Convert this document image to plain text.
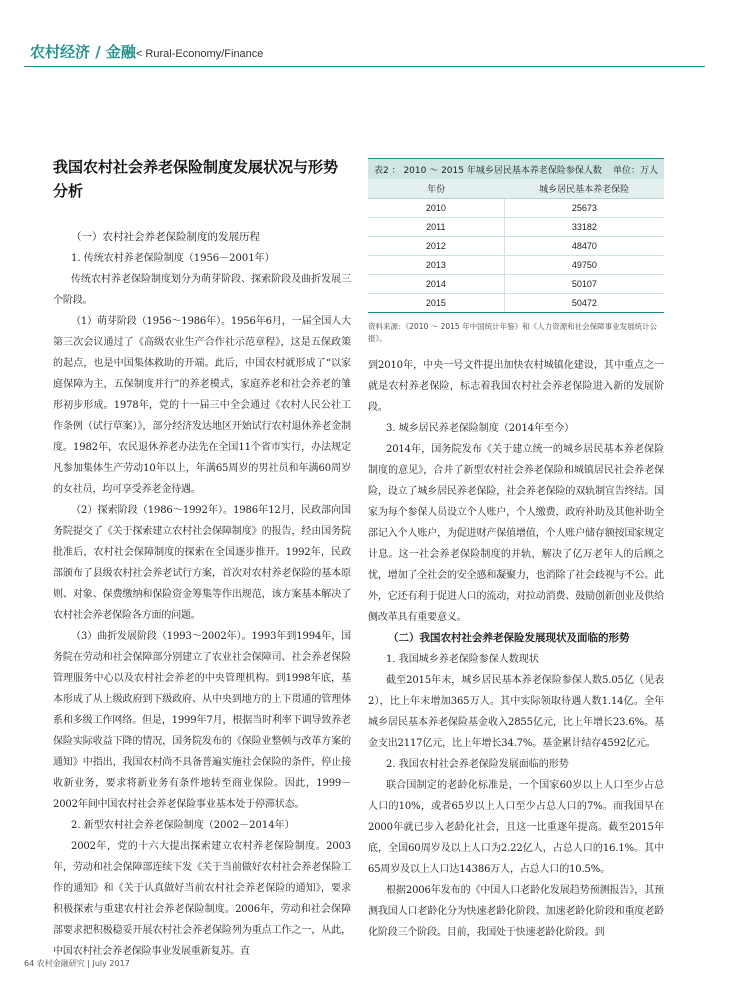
农村经济 / 金融< Rural-Economy/Finance
我国农村社会养老保险制度发展状况与形势分析
（一）农村社会养老保险制度的发展历程
1. 传统农村养老保险制度（1956－2001年）

传统农村养老保险制度划分为萌芽阶段、探索阶段及曲折发展三个阶段。

（1）萌芽阶段（1956～1986年）。1956年6月，一届全国人大第三次会议通过了《高级农业生产合作社示范章程》，这是五保政策的起点，也是中国集体救助的开端。此后，中国农村就形成了“以家庭保障为主，五保制度并行”的养老模式，家庭养老和社会养老的雏形初步形成。1978年，党的十一届三中全会通过《农村人民公社工作条例（试行草案）》，部分经济发达地区开始试行农村退休养老金制度。1982年，农民退休养老办法先在全国11个省市实行，办法规定凡参加集体生产劳动10年以上，年满65周岁的男社员和年满60周岁的女社员，均可享受养老金待遇。

（2）探索阶段（1986～1992年）。1986年12月，民政部向国务院提交了《关于探索建立农村社会保障制度》的报告，经由国务院批准后，农村社会保障制度的探索在全国逐步推开。1992年，民政部颁布了县级农村社会养老试行方案，首次对农村养老保险的基本原则、对象、保费缴纳和保险资金筹集等作出规范，该方案基本解决了农村社会养老保险各方面的问题。

（3）曲折发展阶段（1993～2002年）。1993年到1994年，国务院在劳动和社会保障部分别建立了农业社会保障司、社会养老保险管理服务中心以及农村社会养老的中央管理机构。到1998年底，基本形成了从上级政府到下级政府、从中央到地方的上下贯通的管理体系和多级工作网络。但是，1999年7月，根据当时利率下调导致养老保险实际收益下降的情况，国务院发布的《保险业整顿与改革方案的通知》中指出，我国农村尚不具备普遍实施社会保险的条件，停止接收新业务，要求将新业务有条件地转至商业保险。因此，1999－2002年间中国农村社会养老保险事业基本处于停滞状态。

2. 新型农村社会养老保险制度（2002－2014年）

2002年，党的十六大提出探索建立农村养老保险制度。2003年，劳动和社会保障部连续下发《关于当前做好农村社会养老保险工作的通知》和《关于认真做好当前农村社会养老保险的通知》，要求积极探索与重建农村社会养老保险制度。2006年，劳动和社会保障部要求把积极稳妥开展农村社会养老保险列为重点工作之一，从此，中国农村社会养老保险事业发展重新复苏。直

表2 ： 2010 ～ 2015 年城乡居民基本养老保险参保人数 单位：万人	

年份	城乡居民基本养老保险
2010	25673
2011	33182
2012	48470
2013	49750
2014	50107
2015	50472
资料来源：《2010 ～ 2015 年中国统计年鉴》和《人力资源和社会保障事业发展统计公报》。

到2010年，中央一号文件提出加快农村城镇化建设，其中重点之一就是农村养老保险，标志着我国农村社会养老保险进入新的发展阶段。

3. 城乡居民养老保险制度（2014年至今）

2014年，国务院发布《关于建立统一的城乡居民基本养老保险制度的意见》，合并了新型农村社会养老保险和城镇居民社会养老保险，设立了城乡居民养老保险，社会养老保险的双轨制宣告终结。国家为每个参保人员设立个人账户，个人缴费，政府补助及其他补助全部记入个人账户，为促进财产保值增值，个人账户储存额按国家规定计息。这一社会养老保险制度的并轨，解决了亿万老年人的后顾之忧，增加了全社会的安全感和凝聚力，也消除了社会歧视与不公。此外，它还有利于促进人口的流动，对拉动消费、鼓励创新创业及供给侧改革具有重要意义。

（二）我国农村社会养老保险发展现状及面临的形势
1. 我国城乡养老保险参保人数现状

截至2015年末，城乡居民基本养老保险参保人数5.05亿（见表2），比上年末增加365万人。其中实际领取待遇人数1.14亿。全年城乡居民基本养老保险基金收入2855亿元，比上年增长23.6%。基金支出2117亿元，比上年增长34.7%。基金累计结存4592亿元。

2. 我国农村社会养老保险发展面临的形势

联合国制定的老龄化标准是，一个国家60岁以上人口至少占总人口的10%，或者65岁以上人口至少占总人口的7%。而我国早在2000年就已步入老龄化社会，且这一比重逐年提高。截至2015年底，全国60周岁及以上人口为2.22亿人，占总人口的16.1%。其中65周岁及以上人口达14386万人，占总人口的10.5%。

根据2006年发布的《中国人口老龄化发展趋势预测报告》，其预测我国人口老龄化分为快速老龄化阶段、加速老龄化阶段和重度老龄化阶段三个阶段。目前，我国处于快速老龄化阶段。到

64 农村金融研究 | July 2017
